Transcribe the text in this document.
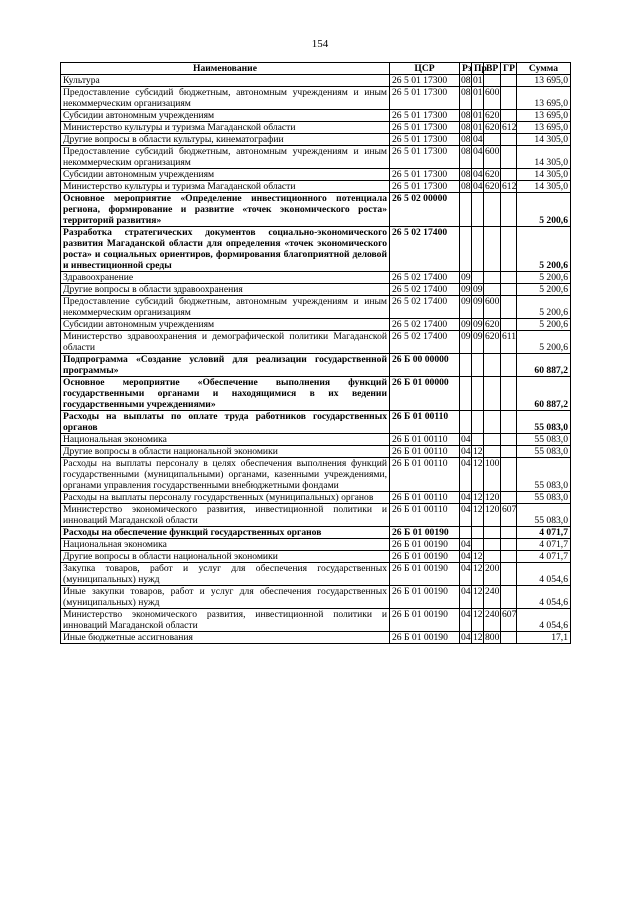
154
Наименование	ЦСР	Рз	Пр	ВР	ГР	Сумма
Культура	26 5 01 17300	08	01			13 695,0
Предоставление субсидий бюджетным, автономным учреждениям и иным некоммерческим организациям	26 5 01 17300	08	01	600		13 695,0
Субсидии автономным учреждениям	26 5 01 17300	08	01	620		13 695,0
Министерство культуры и туризма Магаданской области	26 5 01 17300	08	01	620	612	13 695,0
Другие вопросы в области культуры, кинематографии	26 5 01 17300	08	04			14 305,0
Предоставление субсидий бюджетным, автономным учреждениям и иным некоммерческим организациям	26 5 01 17300	08	04	600		14 305,0
Субсидии автономным учреждениям	26 5 01 17300	08	04	620		14 305,0
Министерство культуры и туризма Магаданской области	26 5 01 17300	08	04	620	612	14 305,0
Основное мероприятие «Определение инвестиционного потенциала региона, формирование и развитие «точек экономического роста» территорий развития»	26 5 02 00000					5 200,6
Разработка стратегических документов социально-экономического развития Магаданской области для определения «точек экономического роста» и социальных ориентиров, формирования благоприятной деловой и инвестиционной среды	26 5 02 17400					5 200,6
Здравоохранение	26 5 02 17400	09				5 200,6
Другие вопросы в области здравоохранения	26 5 02 17400	09	09			5 200,6
Предоставление субсидий бюджетным, автономным учреждениям и иным некоммерческим организациям	26 5 02 17400	09	09	600		5 200,6
Субсидии автономным учреждениям	26 5 02 17400	09	09	620		5 200,6
Министерство здравоохранения и демографической политики Магаданской области	26 5 02 17400	09	09	620	611	5 200,6
Подпрограмма «Создание условий для реализации государственной программы»	26 Б 00 00000					60 887,2
Основное мероприятие «Обеспечение выполнения функций государственными органами и находящимися в их ведении государственными учреждениями»	26 Б 01 00000					60 887,2
Расходы на выплаты по оплате труда работников государственных органов	26 Б 01 00110					55 083,0
Национальная экономика	26 Б 01 00110	04				55 083,0
Другие вопросы в области национальной экономики	26 Б 01 00110	04	12			55 083,0
Расходы на выплаты персоналу в целях обеспечения выполнения функций государственными (муниципальными) органами, казенными учреждениями, органами управления государственными внебюджетными фондами	26 Б 01 00110	04	12	100		55 083,0
Расходы на выплаты персоналу государственных (муниципальных) органов	26 Б 01 00110	04	12	120		55 083,0
Министерство экономического развития, инвестиционной политики и инноваций Магаданской области	26 Б 01 00110	04	12	120	607	55 083,0
Расходы на обеспечение функций государственных органов	26 Б 01 00190					4 071,7
Национальная экономика	26 Б 01 00190	04				4 071,7
Другие вопросы в области национальной экономики	26 Б 01 00190	04	12			4 071,7
Закупка товаров, работ и услуг для обеспечения государственных (муниципальных) нужд	26 Б 01 00190	04	12	200		4 054,6
Иные закупки товаров, работ и услуг для обеспечения государственных (муниципальных) нужд	26 Б 01 00190	04	12	240		4 054,6
Министерство экономического развития, инвестиционной политики и инноваций Магаданской области	26 Б 01 00190	04	12	240	607	4 054,6
Иные бюджетные ассигнования	26 Б 01 00190	04	12	800		17,1
